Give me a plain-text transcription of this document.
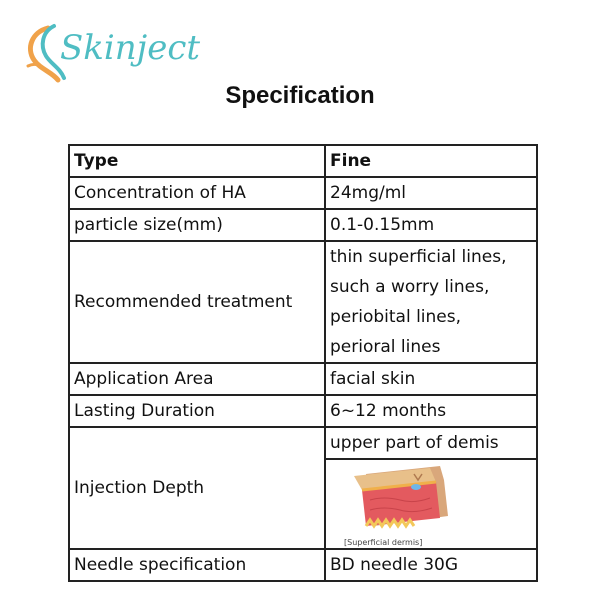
Skinject
Specification
Type	Fine
Concentration of HA	24mg/ml
particle size(mm)	0.1-0.15mm
Recommended treatment	thin superficial lines,
such a worry lines,
periobital lines,
perioral lines

Application Area	facial skin
Lasting Duration	6~12 months
Injection Depth	upper part of demis

	[Superficial dermis]

Needle specification	BD needle 30G
